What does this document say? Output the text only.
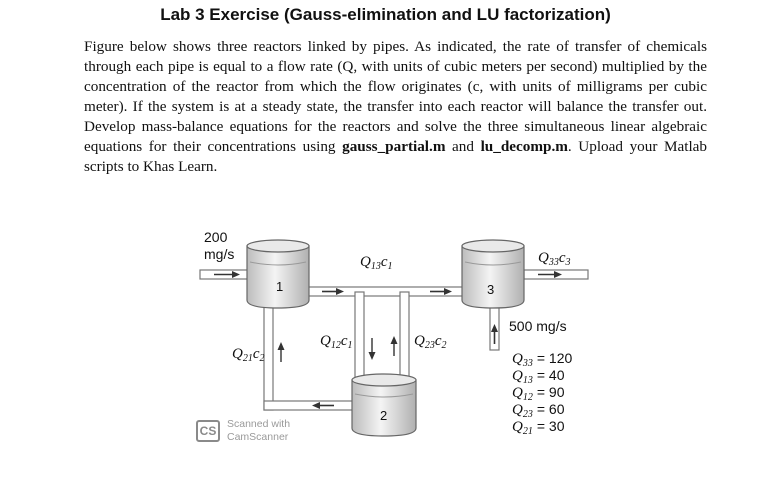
Lab 3 Exercise (Gauss-elimination and LU factorization)

Figure below shows three reactors linked by pipes. As indicated, the rate of transfer of chemicals through each pipe is equal to a flow rate (Q, with units of cubic meters per second) multiplied by the concentration of the reactor from which the flow originates (c, with units of milligrams per cubic meter). If the system is at a steady state, the transfer into each reactor will balance the transfer out. Develop mass-balance equations for the reactors and solve the three simultaneous linear algebraic equations for their concentrations using gauss_partial.m and lu_decomp.m. Upload your Matlab scripts to Khas Learn.

200
mg/s
500 mg/s
1
2
3
$Q_{13}c_1$
$Q_{33}c_3$
$Q_{21}c_2$
$Q_{12}c_1$	$Q_{23}c_2$
Q33 = 120
Q13 = 40
Q12 = 90
Q23 = 60
Q21 = 30
CS	Scanned with
CamScanner
